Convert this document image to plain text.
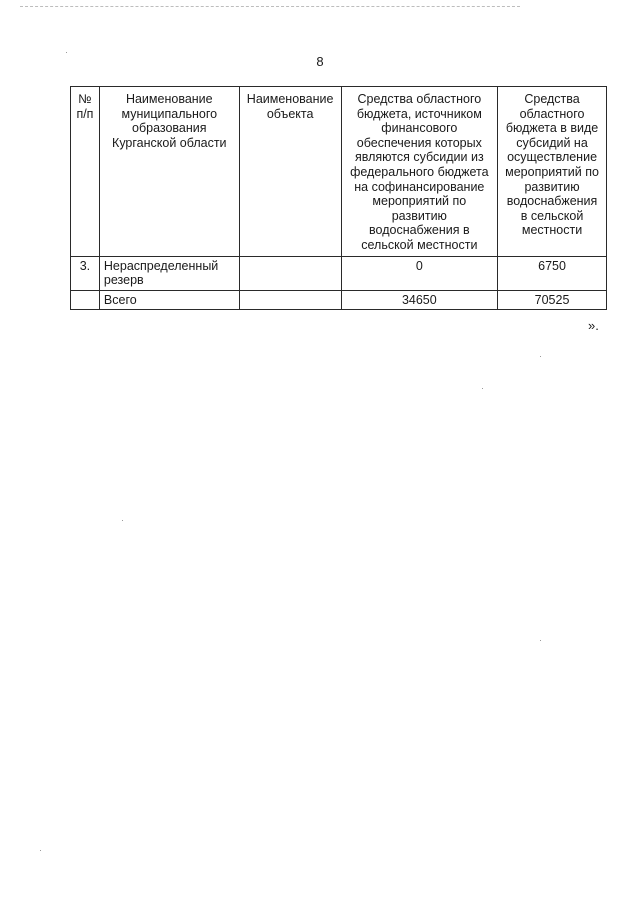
8
№ п/п	Наименование муниципального образования Курганской области	Наименование объекта	Средства областного бюджета, источником финансового обеспечения которых являются субсидии из федерального бюджета на софинансирование мероприятий по развитию водоснабжения в сельской местности	Средства областного бюджета в виде субсидий на осуществление мероприятий по развитию водоснабжения в сельской местности
3.	Нераспределенный резерв		0	6750
	Всего		34650	70525
».
